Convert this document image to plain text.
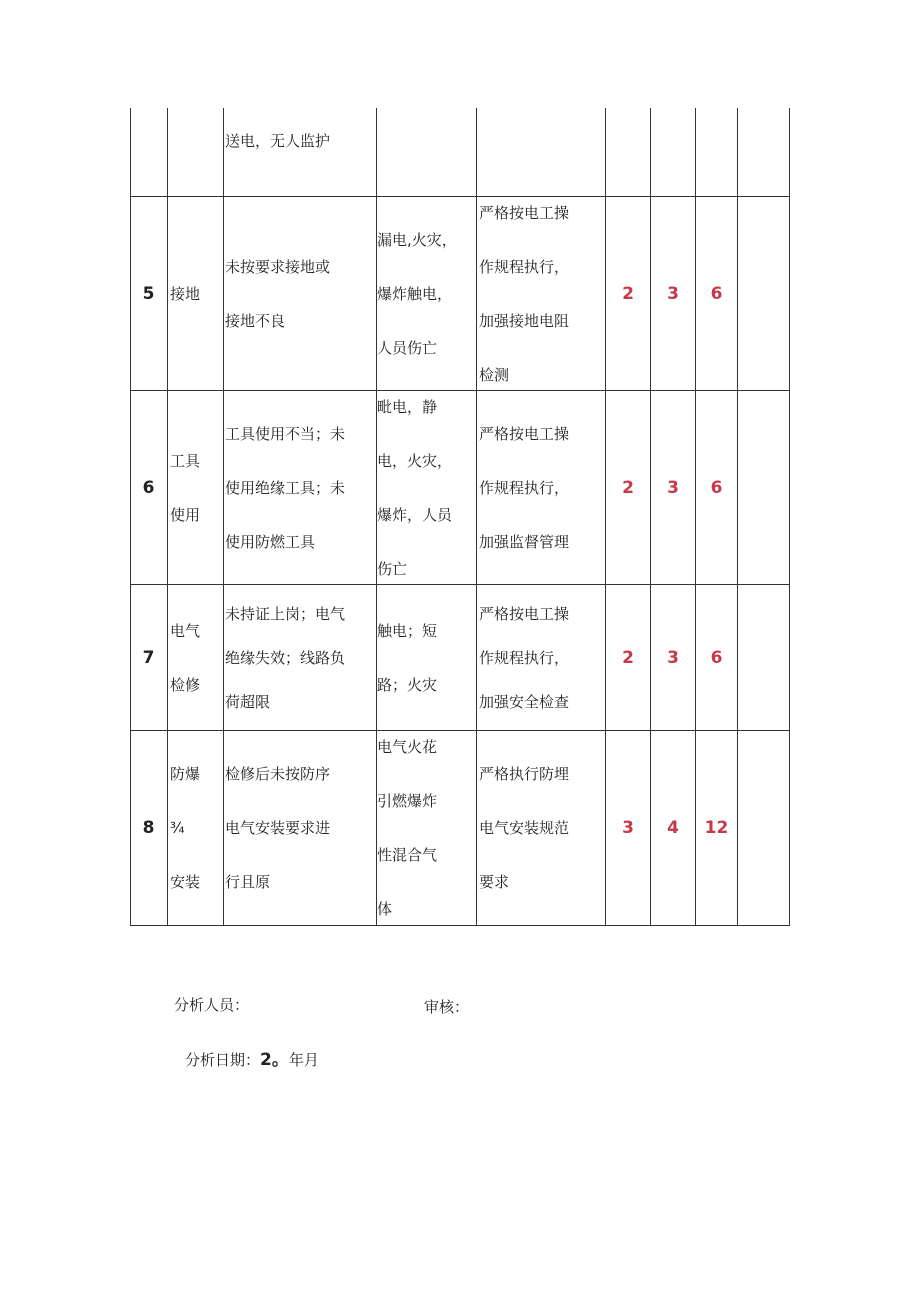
送电，无人监护
5 接地
未按要求接地或
接地不良
漏电,火灾，
爆炸触电，
人员伤亡
严格按电工操
作规程执行，
加强接地电阻
检测
2 3 6
6
工具
使用
工具使用不当；未
使用绝缘工具；未
使用防燃工具
毗电，静
电，火灾，
爆炸，人员
伤亡
严格按电工操
作规程执行，
加强监督管理
2 3 6
7
电气
检修
未持证上岗；电气
绝缘失效；线路负
荷超限
触电；短
路；火灾
严格按电工操
作规程执行，
加强安全检查
2 3 6
8
防爆
¾
安装
检修后未按防序
电气安装要求进
行且原
电气火花
引燃爆炸
性混合气
体
严格执行防埋
电气安装规范
要求
3 4 12
分析人员：	审核：
分析日期：2。年月
